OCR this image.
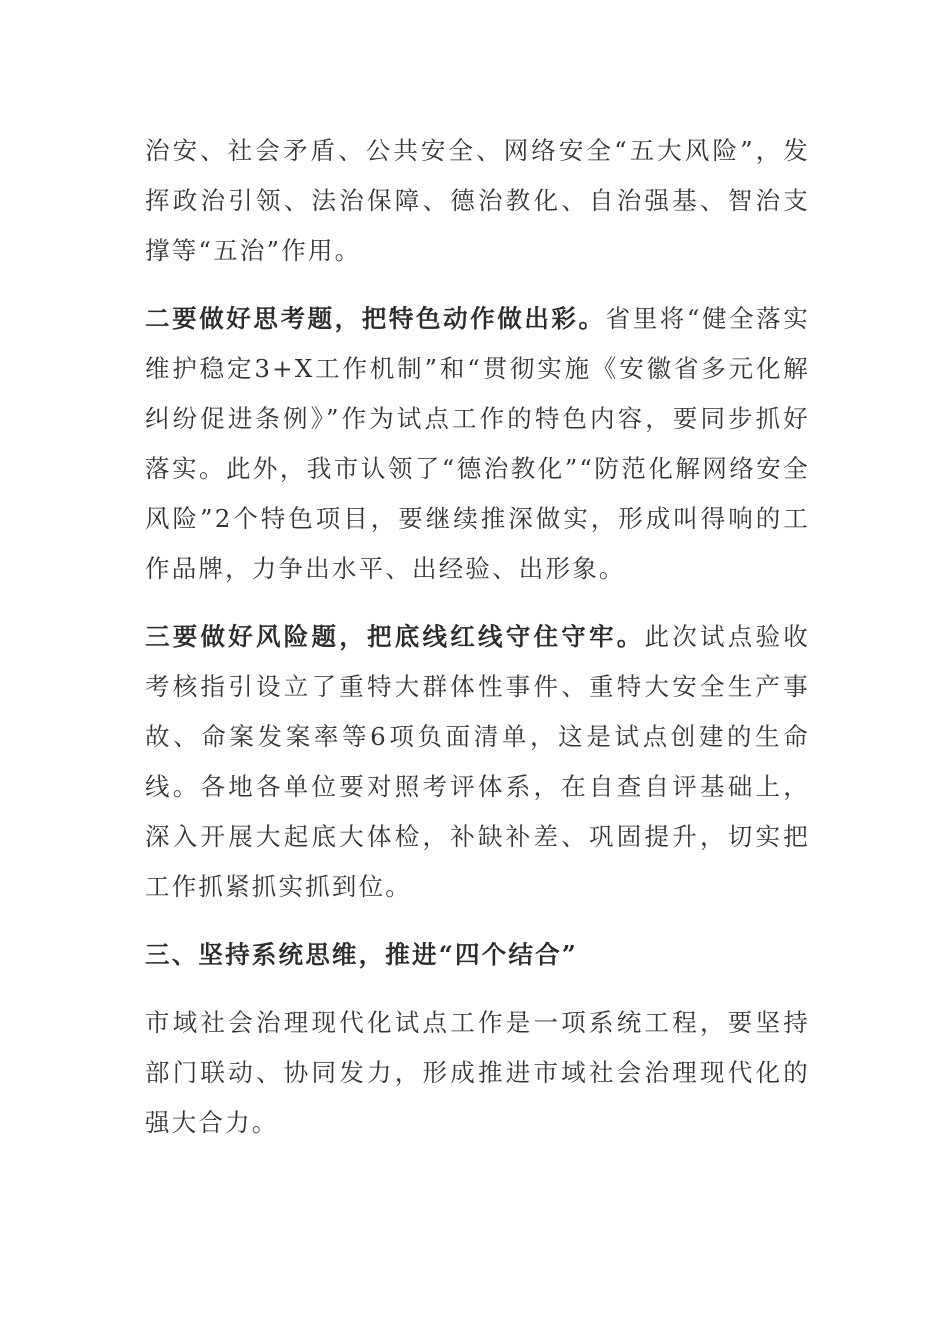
治安、社会矛盾、公共安全、网络安全“五大风险”，发挥政治引领、法治保障、德治教化、自治强基、智治支撑等“五治”作用。

二要做好思考题，把特色动作做出彩。省里将“健全落实维护稳定3+X工作机制”和“贯彻实施《安徽省多元化解纠纷促进条例》”作为试点工作的特色内容，要同步抓好落实。此外，我市认领了“德治教化”“防范化解网络安全风险”2个特色项目，要继续推深做实，形成叫得响的工作品牌，力争出水平、出经验、出形象。

三要做好风险题，把底线红线守住守牢。此次试点验收考核指引设立了重特大群体性事件、重特大安全生产事故、命案发案率等6项负面清单，这是试点创建的生命线。各地各单位要对照考评体系，在自查自评基础上，深入开展大起底大体检，补缺补差、巩固提升，切实把工作抓紧抓实抓到位。

三、坚持系统思维，推进“四个结合”

市域社会治理现代化试点工作是一项系统工程，要坚持部门联动、协同发力，形成推进市域社会治理现代化的强大合力。
